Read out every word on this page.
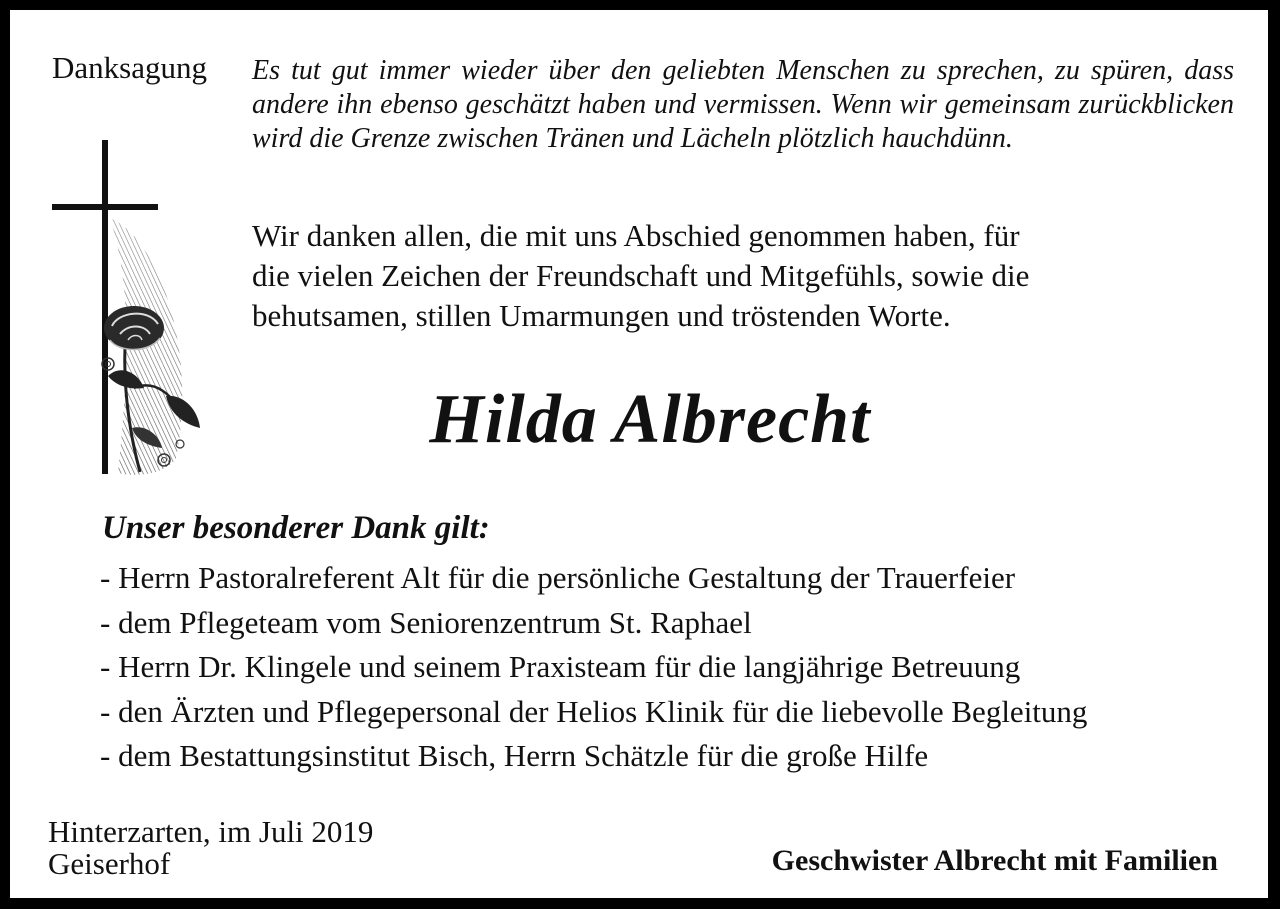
Danksagung Es tut gut immer wieder über den geliebten Menschen zu sprechen, zu spüren, dass andere ihn ebenso geschätzt haben und vermissen. Wenn wir gemeinsam zurückblicken wird die Grenze zwischen Tränen und Lächeln plötzlich hauchdünn.

Wir danken allen, die mit uns Abschied genommen haben, für
die vielen Zeichen der Freundschaft und Mitgefühls, sowie die
behutsamen, stillen Umarmungen und tröstenden Worte.

Hilda Albrecht

Unser besonderer Dank gilt:

- Herrn Pastoralreferent Alt für die persönliche Gestaltung der Trauerfeier
- dem Pflegeteam vom Seniorenzentrum St. Raphael
- Herrn Dr. Klingele und seinem Praxisteam für die langjährige Betreuung
- den Ärzten und Pflegepersonal der Helios Klinik für die liebevolle Begleitung
- dem Bestattungsinstitut Bisch, Herrn Schätzle für die große Hilfe

Hinterzarten, im Juli 2019
Geiserhof	Geschwister Albrecht mit Familien
